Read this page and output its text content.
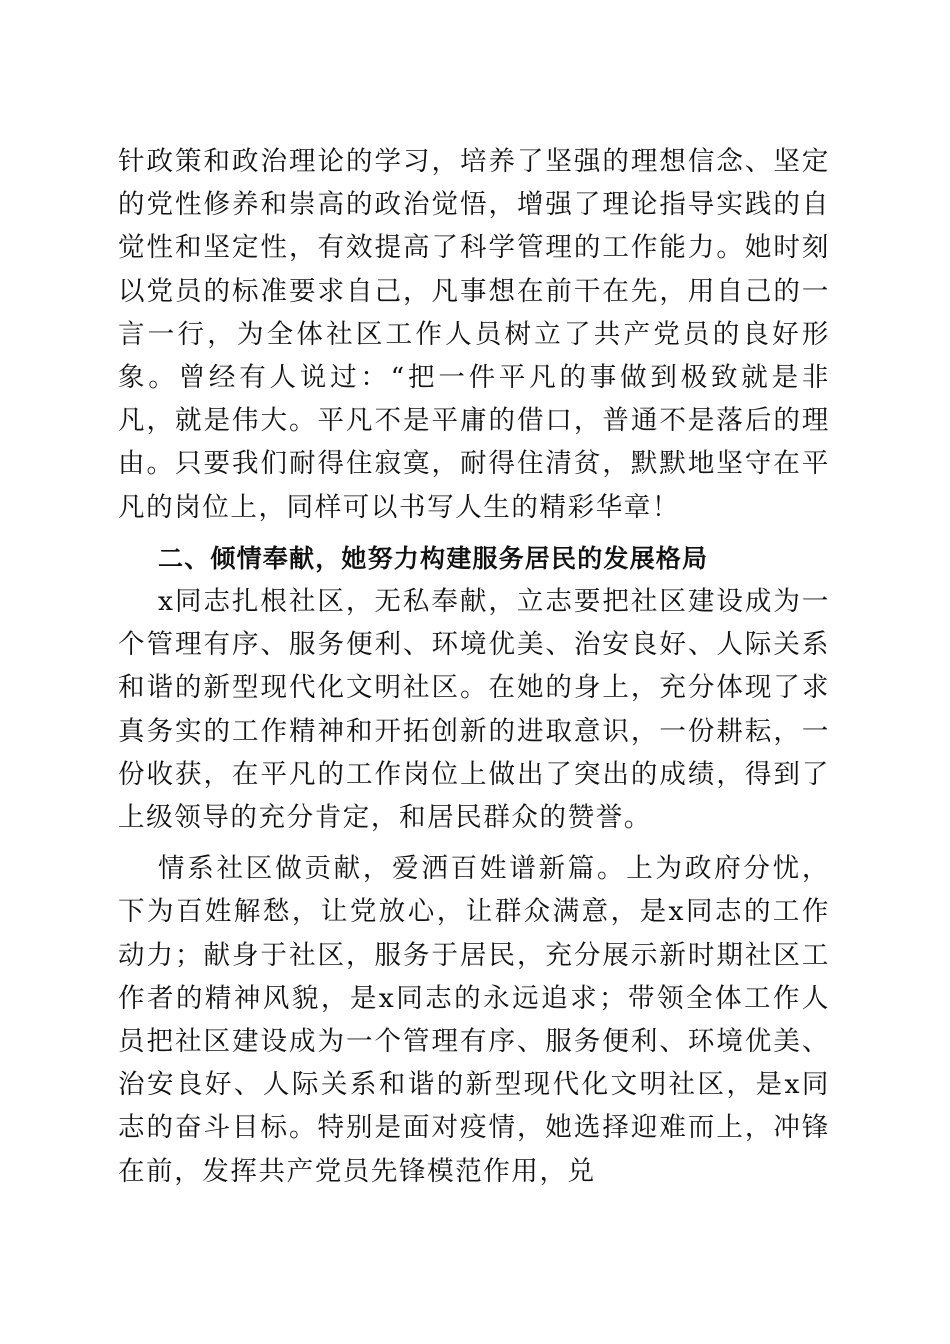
针政策和政治理论的学习，培养了坚强的理想信念、坚定的党性修养和崇高的政治觉悟，增强了理论指导实践的自觉性和坚定性，有效提高了科学管理的工作能力。她时刻以党员的标准要求自己，凡事想在前干在先，用自己的一言一行，为全体社区工作人员树立了共产党员的良好形象。曾经有人说过：“把一件平凡的事做到极致就是非凡，就是伟大。平凡不是平庸的借口，普通不是落后的理由。只要我们耐得住寂寞，耐得住清贫，默默地坚守在平凡的岗位上，同样可以书写人生的精彩华章！

二、倾情奉献，她努力构建服务居民的发展格局

x同志扎根社区，无私奉献，立志要把社区建设成为一个管理有序、服务便利、环境优美、治安良好、人际关系和谐的新型现代化文明社区。在她的身上，充分体现了求真务实的工作精神和开拓创新的进取意识，一份耕耘，一份收获，在平凡的工作岗位上做出了突出的成绩，得到了上级领导的充分肯定，和居民群众的赞誉。

情系社区做贡献，爱洒百姓谱新篇。上为政府分忧，下为百姓解愁，让党放心，让群众满意，是x同志的工作动力；献身于社区，服务于居民，充分展示新时期社区工作者的精神风貌，是x同志的永远追求；带领全体工作人员把社区建设成为一个管理有序、服务便利、环境优美、治安良好、人际关系和谐的新型现代化文明社区，是x同志的奋斗目标。特别是面对疫情，她选择迎难而上，冲锋在前，发挥共产党员先锋模范作用，兑
